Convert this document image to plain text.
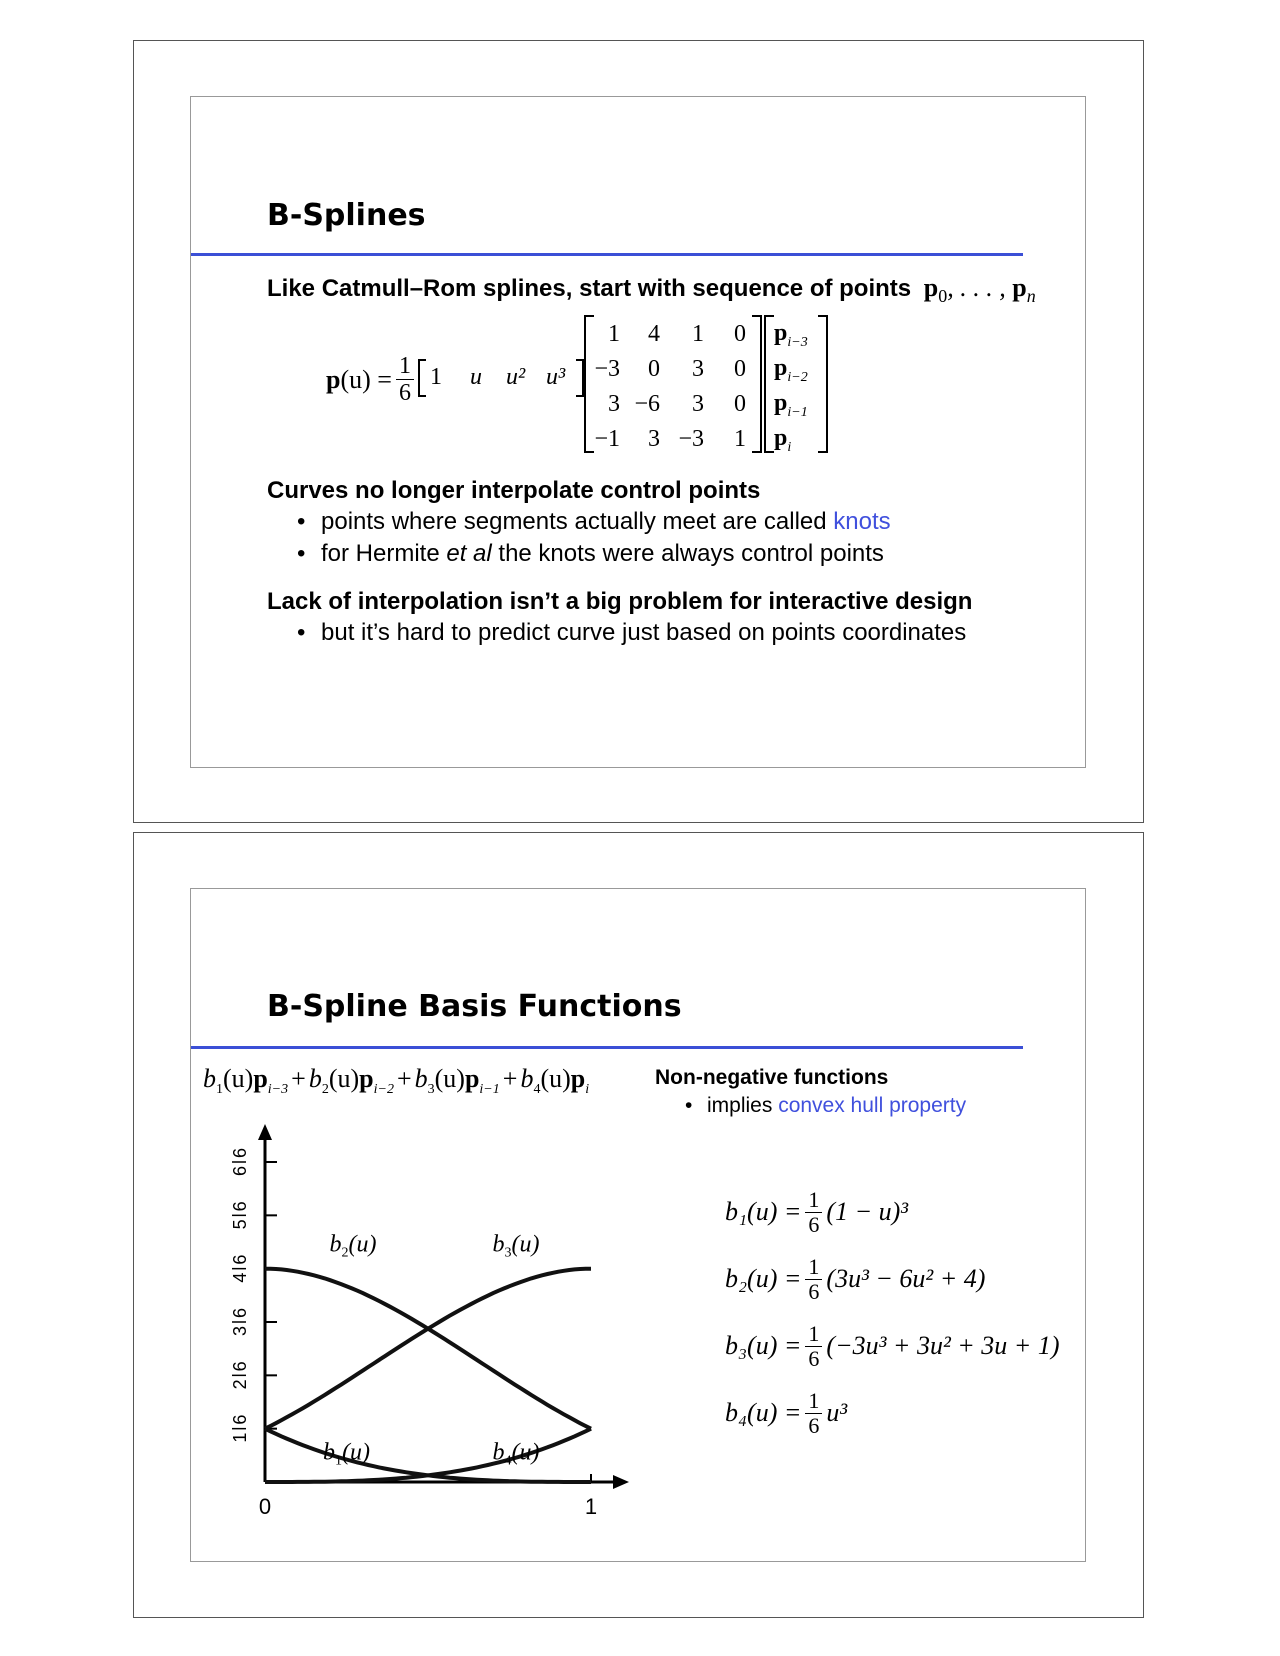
B-Splines
Like Catmull–Rom splines, start with sequence of points $p_0$, . . . , $p_n$
$p(u) = \frac{1}{6} 1$ u u² u³
1	4	1	0
−3	0	3	0
3 −6	3	0
−1	3 −3	1
$p_{i-3}$
$p_{i-2}$
$p_{i-1}$
$p_i$
Curves no longer interpolate control points
• points where segments actually meet are called knots
• for Hermite et al the knots were always control points
Lack of interpolation isn’t a big problem for interactive design
• but it’s hard to predict curve just based on points coordinates
B-Spline Basis Functions
$b_1(u)p_{i-3} + b_2(u)p_{i-2} + b_3(u)p_{i-1} + b_4(u)p_i$
Non-negative functions
• implies convex hull property
0	1
1
6
2
6
3
6
4
6
5
6
6
6
$b_1(u)$
$b_2(u)$	$b_3(u)$
$b_4(u)$
$b_1(u) = \frac{1}{6} (1 - u)^3$
$b_2(u) = \frac{1}{6} (3u^3 - 6u^2 + 4)$
$b_3(u) = \frac{1}{6} (-3u^3 + 3u^2 + 3u + 1)$
$b_4(u) = \frac{1}{6} u^3$
